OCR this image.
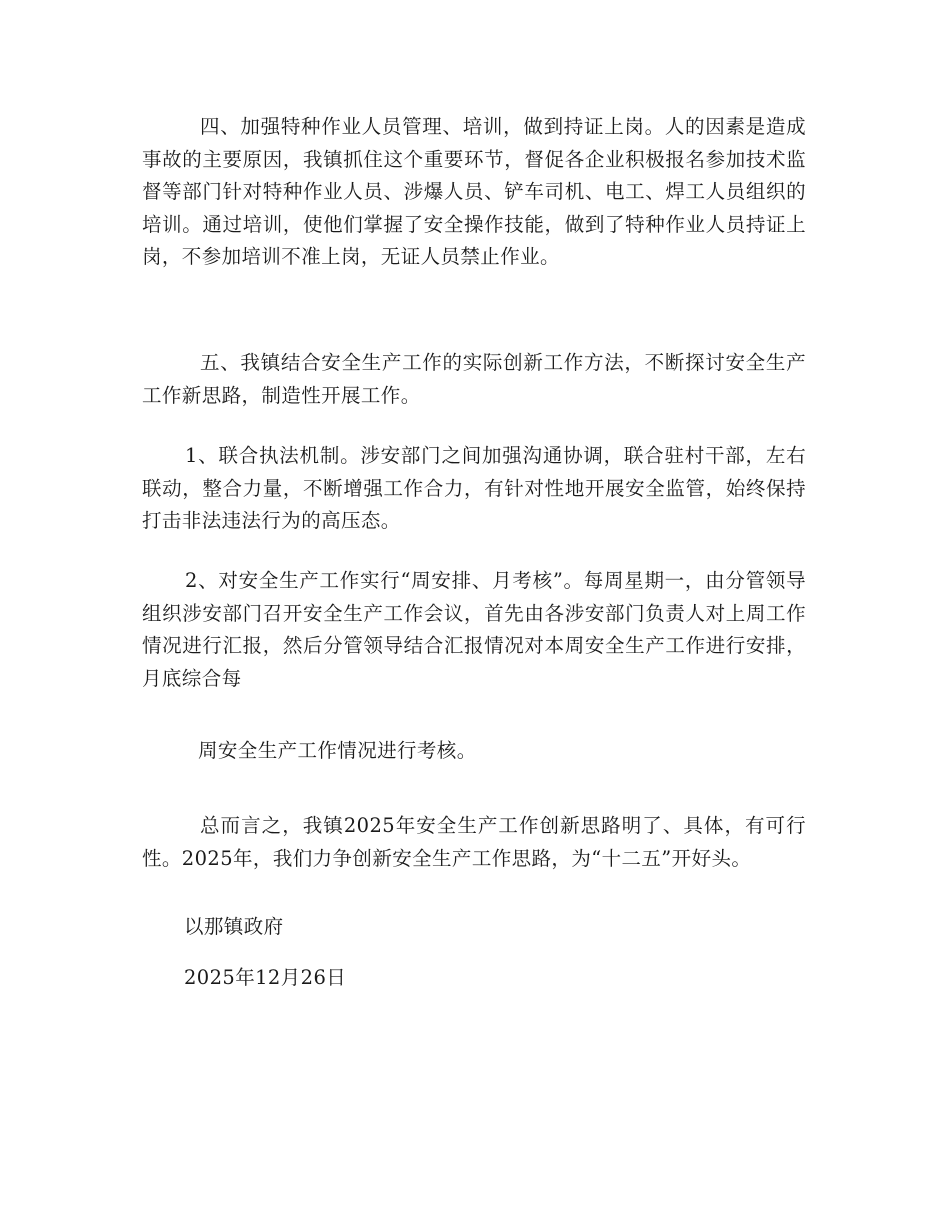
四、加强特种作业人员管理、培训，做到持证上岗。人的因素是造成事故的主要原因，我镇抓住这个重要环节，督促各企业积极报名参加技术监督等部门针对特种作业人员、涉爆人员、铲车司机、电工、焊工人员组织的培训。通过培训，使他们掌握了安全操作技能，做到了特种作业人员持证上岗，不参加培训不准上岗，无证人员禁止作业。

五、我镇结合安全生产工作的实际创新工作方法，不断探讨安全生产工作新思路，制造性开展工作。

1、联合执法机制。涉安部门之间加强沟通协调，联合驻村干部，左右联动，整合力量，不断增强工作合力，有针对性地开展安全监管，始终保持打击非法违法行为的高压态。

2、对安全生产工作实行“周安排、月考核”。每周星期一，由分管领导组织涉安部门召开安全生产工作会议，首先由各涉安部门负责人对上周工作情况进行汇报，然后分管领导结合汇报情况对本周安全生产工作进行安排，月底综合每

周安全生产工作情况进行考核。

总而言之，我镇2025年安全生产工作创新思路明了、具体，有可行性。2025年，我们力争创新安全生产工作思路，为“十二五”开好头。

以那镇政府

2025年12月26日
